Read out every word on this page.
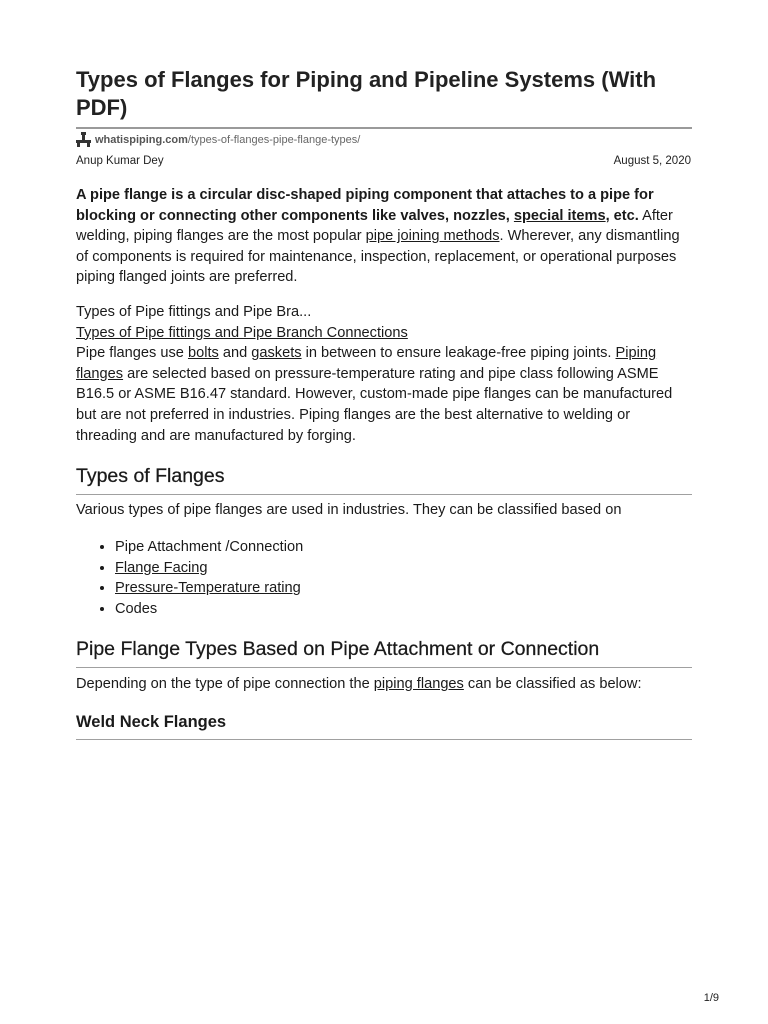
Types of Flanges for Piping and Pipeline Systems (With PDF)
whatispiping.com /types-of-flanges-pipe-flange-types/
Anup Kumar Dey	August 5, 2020
A pipe flange is a circular disc-shaped piping component that attaches to a pipe for blocking or connecting other components like valves, nozzles, special items, etc. After welding, piping flanges are the most popular pipe joining methods. Wherever, any dismantling of components is required for maintenance, inspection, replacement, or operational purposes piping flanged joints are preferred.
Types of Pipe fittings and Pipe Bra...
Types of Pipe fittings and Pipe Branch Connections
Pipe flanges use bolts and gaskets in between to ensure leakage-free piping joints. Piping flanges are selected based on pressure-temperature rating and pipe class following ASME B16.5 or ASME B16.47 standard. However, custom-made pipe flanges can be manufactured but are not preferred in industries. Piping flanges are the best alternative to welding or threading and are manufactured by forging.
Types of Flanges
Various types of pipe flanges are used in industries. They can be classified based on
• Pipe Attachment /Connection
• Flange Facing
• Pressure-Temperature rating
• Codes
Pipe Flange Types Based on Pipe Attachment or Connection
Depending on the type of pipe connection the piping flanges can be classified as below:
Weld Neck Flanges
1/9
